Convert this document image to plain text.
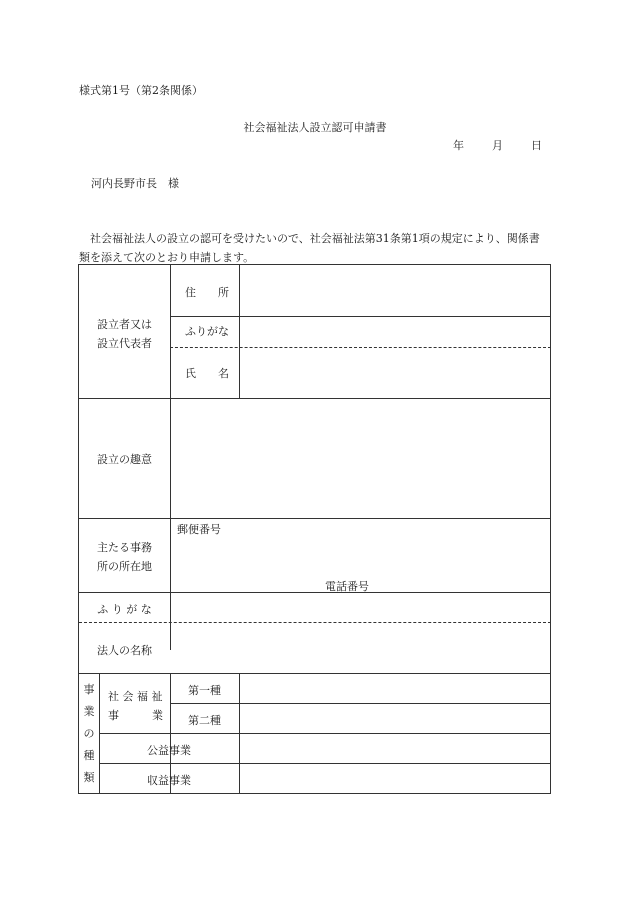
様式第1号（第2条関係）
社会福祉法人設立認可申請書
年	月	日
河内長野市長　様
社会福祉法人の設立の認可を受けたいので、社会福祉法第31条第1項の規定により、関係書類を添えて次のとおり申請します。
設立者又は
設立代表者
住　　所
ふりがな
氏　　名
設立の趣意
主たる事務
所の所在地
郵便番号
電話番号
ふ り が な
法人の名称
事
業
の
種
類
社 会 福 祉
事　　　業
第一種
第二種
公益事業
収益事業
